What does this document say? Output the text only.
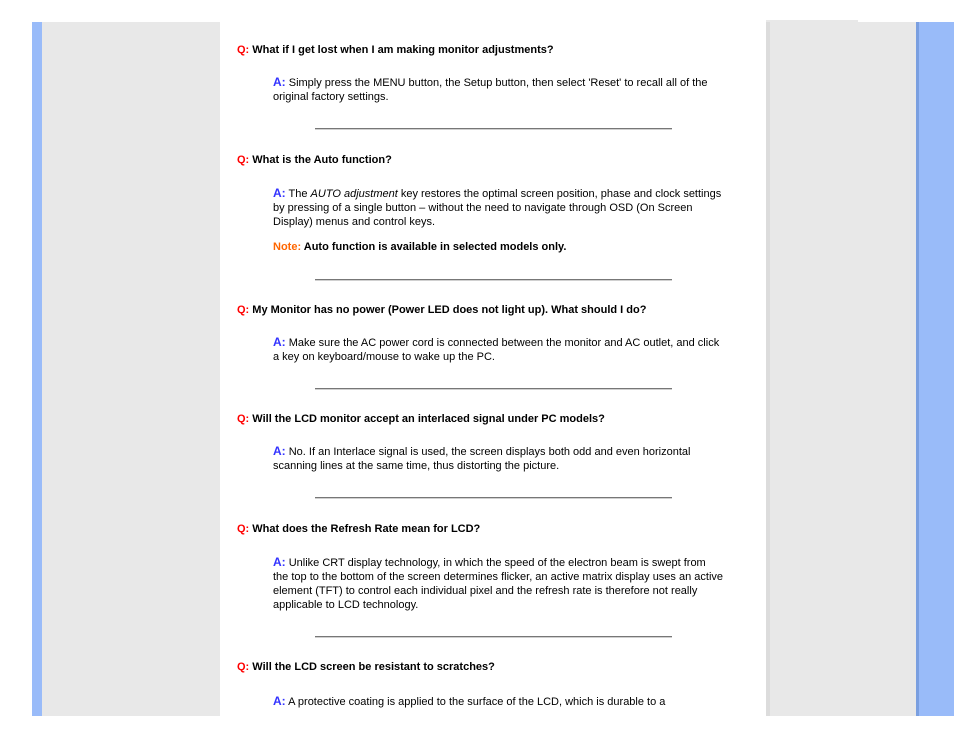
Q: What if I get lost when I am making monitor adjustments?
A: Simply press the MENU button, the Setup button, then select 'Reset' to recall all of the original factory settings.
Q: What is the Auto function?
A: The AUTO adjustment key restores the optimal screen position, phase and clock settings by pressing of a single button – without the need to navigate through OSD (On Screen Display) menus and control keys.
Note: Auto function is available in selected models only.
Q: My Monitor has no power (Power LED does not light up). What should I do?
A: Make sure the AC power cord is connected between the monitor and AC outlet, and click a key on keyboard/mouse to wake up the PC.
Q: Will the LCD monitor accept an interlaced signal under PC models?
A: No. If an Interlace signal is used, the screen displays both odd and even horizontal scanning lines at the same time, thus distorting the picture.
Q: What does the Refresh Rate mean for LCD?
A: Unlike CRT display technology, in which the speed of the electron beam is swept from the top to the bottom of the screen determines flicker, an active matrix display uses an active element (TFT) to control each individual pixel and the refresh rate is therefore not really applicable to LCD technology.
Q: Will the LCD screen be resistant to scratches?
A: A protective coating is applied to the surface of the LCD, which is durable to a
